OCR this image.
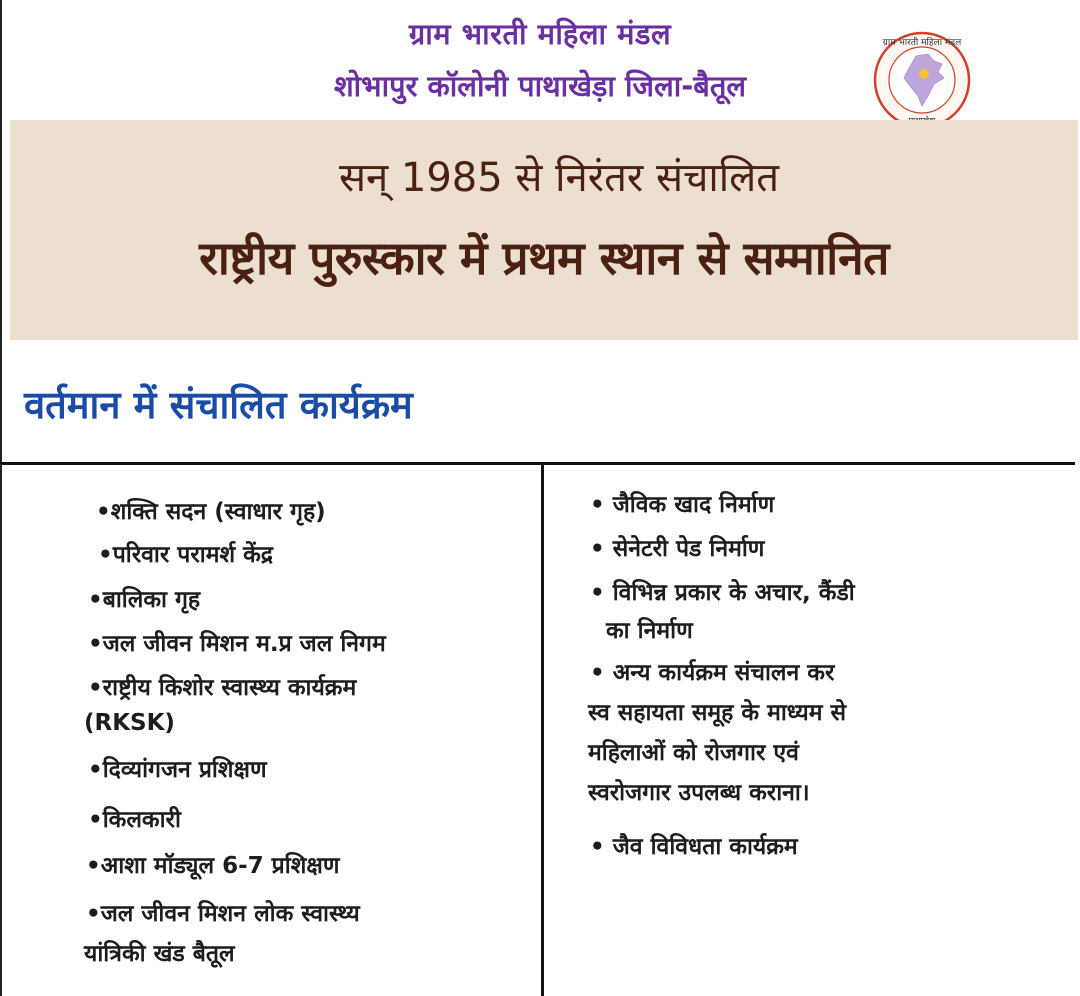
ग्राम भारती महिला मंडल
शोभापुर कॉलोनी पाथाखेड़ा जिला-बैतूल
ग्राम भारती महिला मंडल
सन् 1985 से निरंतर संचालित
राष्ट्रीय पुरुस्कार में प्रथम स्थान से सम्मानित
वर्तमान में संचालित कार्यक्रम
•शक्ति सदन (स्वाधार गृह)
•परिवार परामर्श केंद्र
•बालिका गृह
•जल जीवन मिशन म.प्र जल निगम
•राष्ट्रीय किशोर स्वास्थ्य कार्यक्रम
(RKSK)
•दिव्यांगजन प्रशिक्षण
•किलकारी
•आशा मॉड्यूल 6-7 प्रशिक्षण
•जल जीवन मिशन लोक स्वास्थ्य
यांत्रिकी खंड बैतूल
• जैविक खाद निर्माण
• सेनेटरी पेड निर्माण
• विभिन्न प्रकार के अचार, कैंडी
का निर्माण
• अन्य कार्यक्रम संचालन कर
स्व सहायता समूह के माध्यम से
महिलाओं को रोजगार एवं
स्वरोजगार उपलब्ध कराना।
• जैव विविधता कार्यक्रम
